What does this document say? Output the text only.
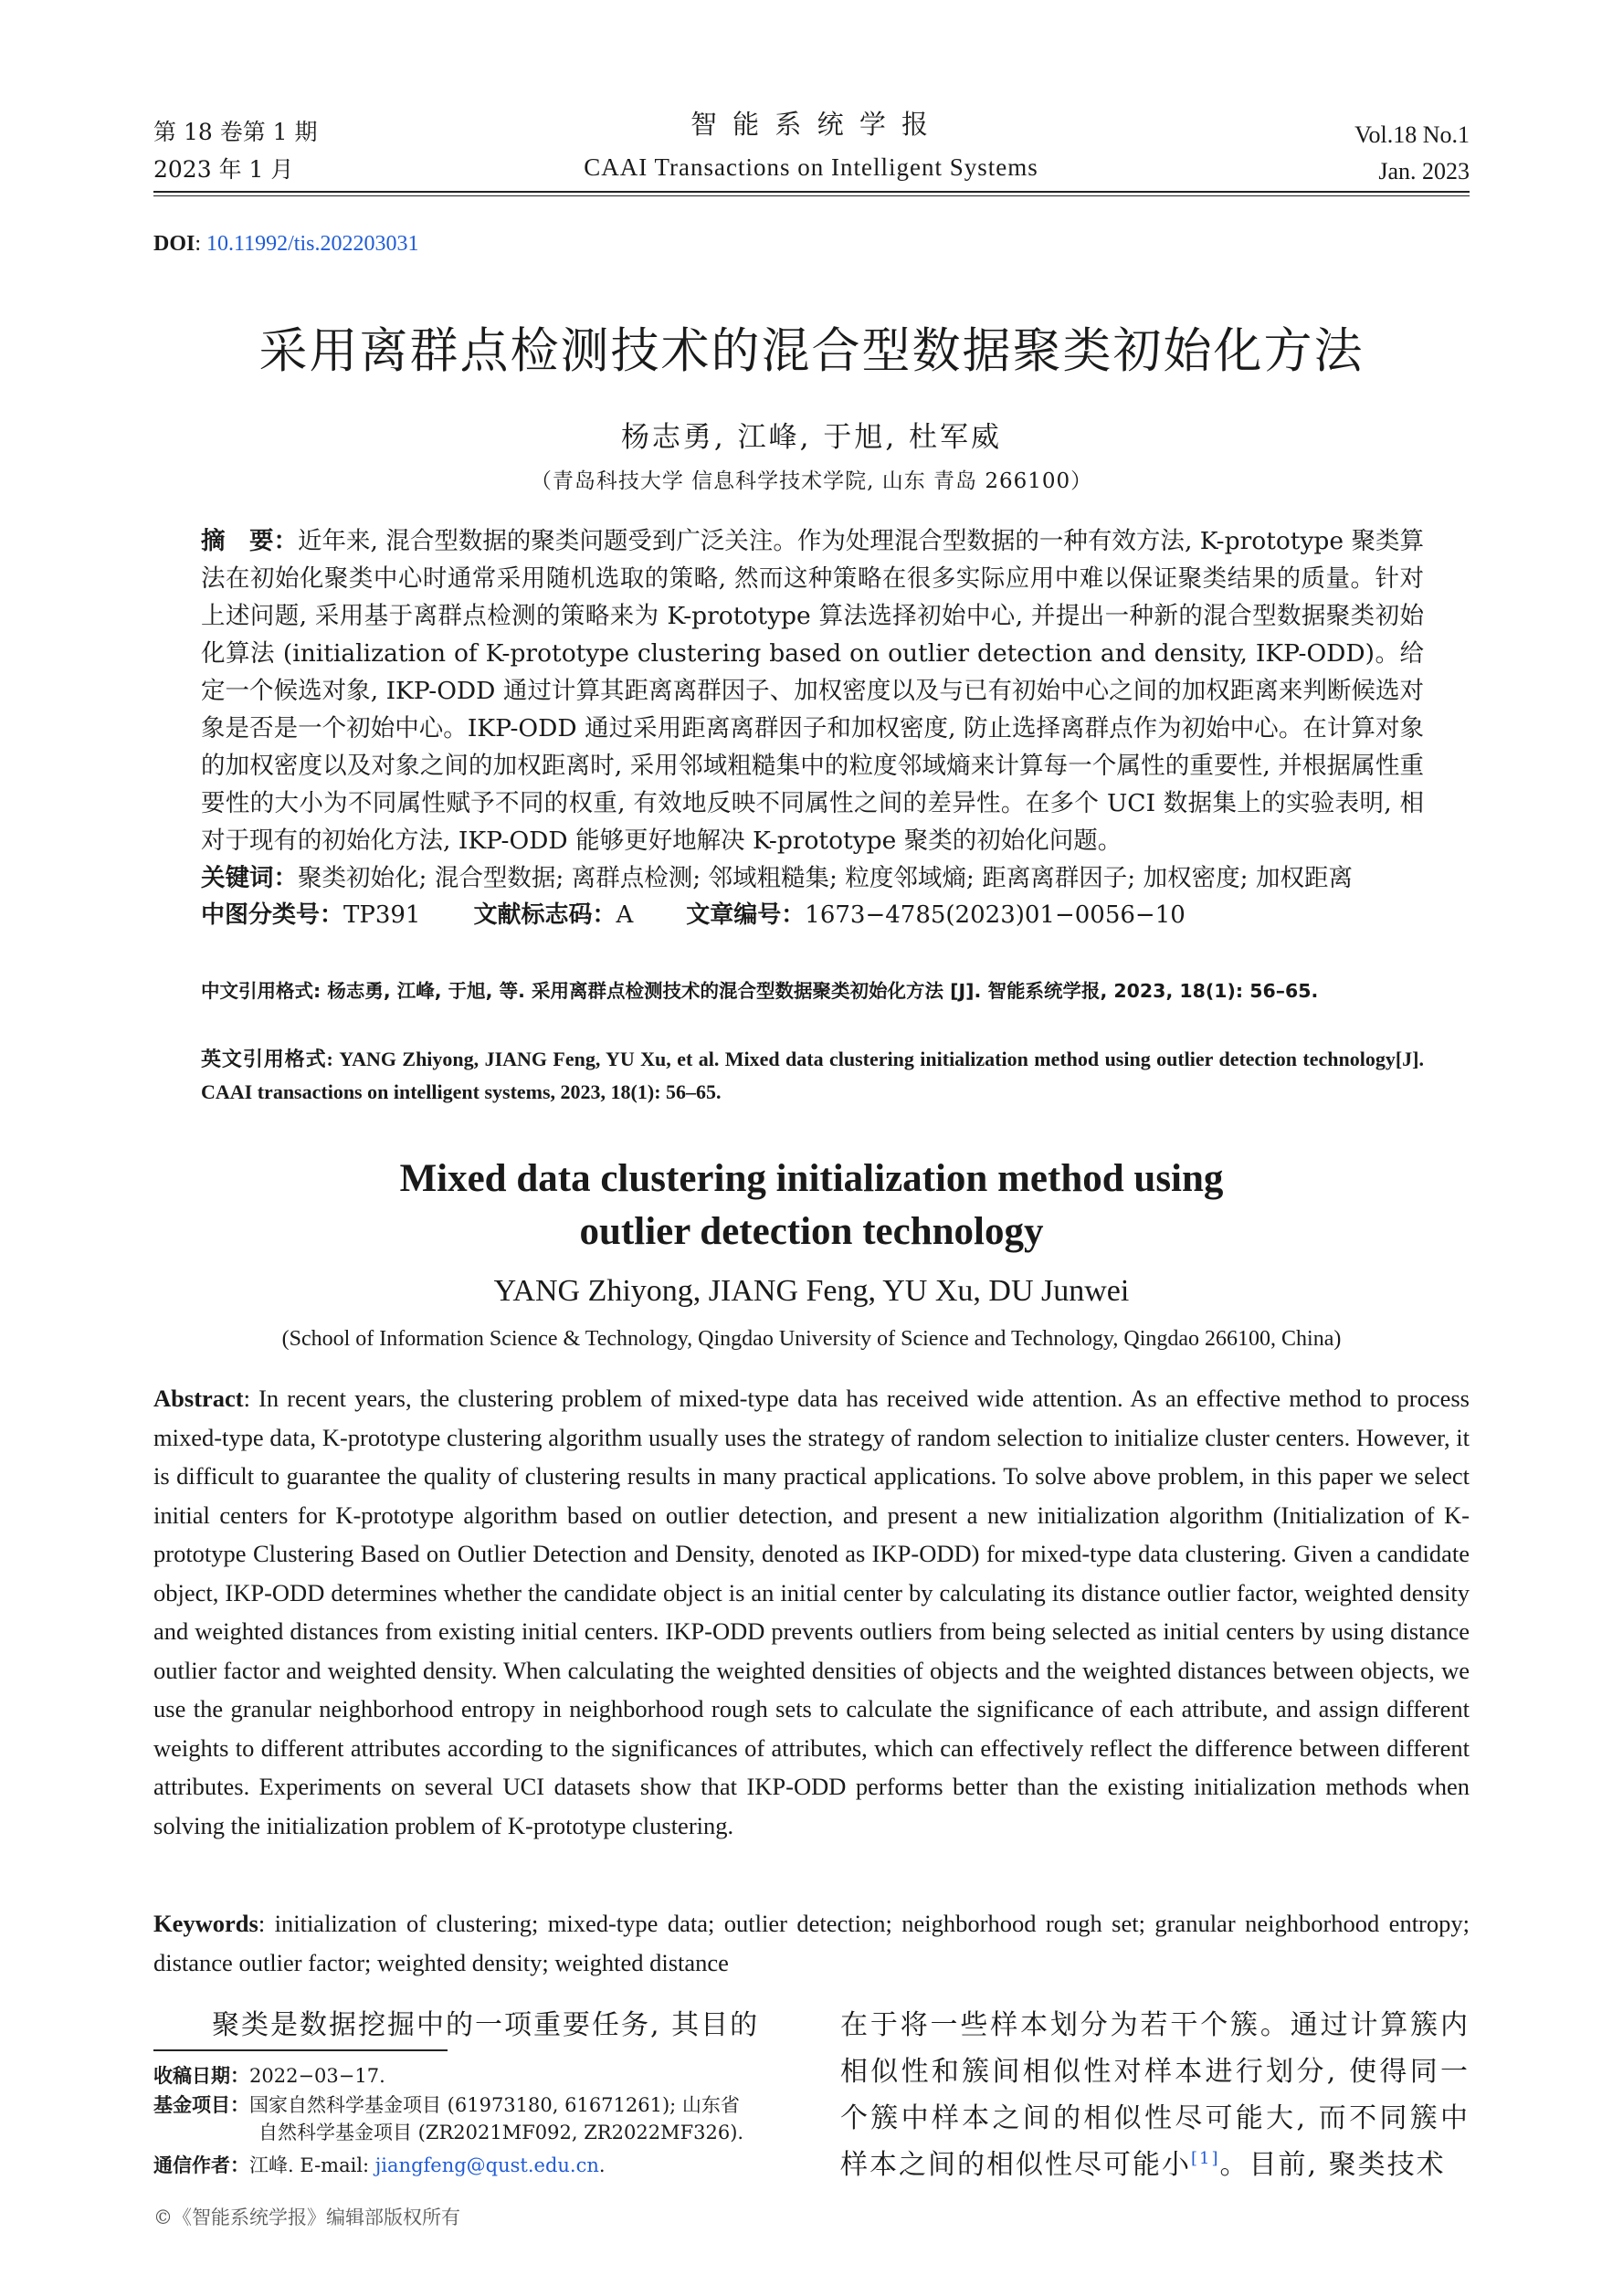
第 18 卷第 1 期
2023 年 1 月
智 能 系 统 学 报
CAAI Transactions on Intelligent Systems
Vol.18 No.1
Jan. 2023
DOI: 10.11992/tis.202203031
采用离群点检测技术的混合型数据聚类初始化方法
杨志勇, 江峰, 于旭, 杜军威
（青岛科技大学 信息科学技术学院, 山东 青岛 266100）
摘　要：近年来, 混合型数据的聚类问题受到广泛关注。作为处理混合型数据的一种有效方法, K-prototype 聚类算法在初始化聚类中心时通常采用随机选取的策略, 然而这种策略在很多实际应用中难以保证聚类结果的质量。针对上述问题, 采用基于离群点检测的策略来为 K-prototype 算法选择初始中心, 并提出一种新的混合型数据聚类初始化算法 (initialization of K-prototype clustering based on outlier detection and density, IKP-ODD)。给定一个候选对象, IKP-ODD 通过计算其距离离群因子、加权密度以及与已有初始中心之间的加权距离来判断候选对象是否是一个初始中心。IKP-ODD 通过采用距离离群因子和加权密度, 防止选择离群点作为初始中心。在计算对象的加权密度以及对象之间的加权距离时, 采用邻域粗糙集中的粒度邻域熵来计算每一个属性的重要性, 并根据属性重要性的大小为不同属性赋予不同的权重, 有效地反映不同属性之间的差异性。在多个 UCI 数据集上的实验表明, 相对于现有的初始化方法, IKP-ODD 能够更好地解决 K-prototype 聚类的初始化问题。
关键词：聚类初始化; 混合型数据; 离群点检测; 邻域粗糙集; 粒度邻域熵; 距离离群因子; 加权密度; 加权距离
中图分类号：TP391 文献标志码：A 文章编号：1673−4785(2023)01−0056−10
中文引用格式: 杨志勇, 江峰, 于旭, 等. 采用离群点检测技术的混合型数据聚类初始化方法 [J]. 智能系统学报, 2023, 18(1): 56–65.
英文引用格式: YANG Zhiyong, JIANG Feng, YU Xu, et al. Mixed data clustering initialization method using outlier detection technology[J]. CAAI transactions on intelligent systems, 2023, 18(1): 56–65.
Mixed data clustering initialization method using
outlier detection technology
YANG Zhiyong, JIANG Feng, YU Xu, DU Junwei
(School of Information Science & Technology, Qingdao University of Science and Technology, Qingdao 266100, China)
Abstract: In recent years, the clustering problem of mixed-type data has received wide attention. As an effective method to process mixed-type data, K-prototype clustering algorithm usually uses the strategy of random selection to initialize cluster centers. However, it is difficult to guarantee the quality of clustering results in many practical applications. To solve above problem, in this paper we select initial centers for K-prototype algorithm based on outlier detection, and present a new initialization algorithm (Initialization of K-prototype Clustering Based on Outlier Detection and Density, denoted as IKP-ODD) for mixed-type data clustering. Given a candidate object, IKP-ODD determines whether the candidate object is an initial center by calculating its distance outlier factor, weighted density and weighted distances from existing initial centers. IKP-ODD prevents outliers from being selected as initial centers by using distance outlier factor and weighted density. When calculating the weighted densities of objects and the weighted distances between objects, we use the granular neighborhood entropy in neighborhood rough sets to calculate the significance of each attribute, and assign different weights to different attributes according to the significances of attributes, which can effectively reflect the difference between different attributes. Experiments on several UCI datasets show that IKP-ODD performs better than the existing initialization methods when solving the initialization problem of K-prototype clustering.
Keywords: initialization of clustering; mixed-type data; outlier detection; neighborhood rough set; granular neighborhood entropy; distance outlier factor; weighted density; weighted distance
聚类是数据挖掘中的一项重要任务, 其目的	在于将一些样本划分为若干个簇。通过计算簇内相似性和簇间相似性对样本进行划分, 使得同一个簇中样本之间的相似性尽可能大, 而不同簇中样本之间的相似性尽可能小[1]。目前, 聚类技术
收稿日期：2022−03−17.
基金项目：国家自然科学基金项目 (61973180, 61671261); 山东省
自然科学基金项目 (ZR2021MF092, ZR2022MF326).
通信作者：江峰. E-mail: jiangfeng@qust.edu.cn.
©《智能系统学报》编辑部版权所有
